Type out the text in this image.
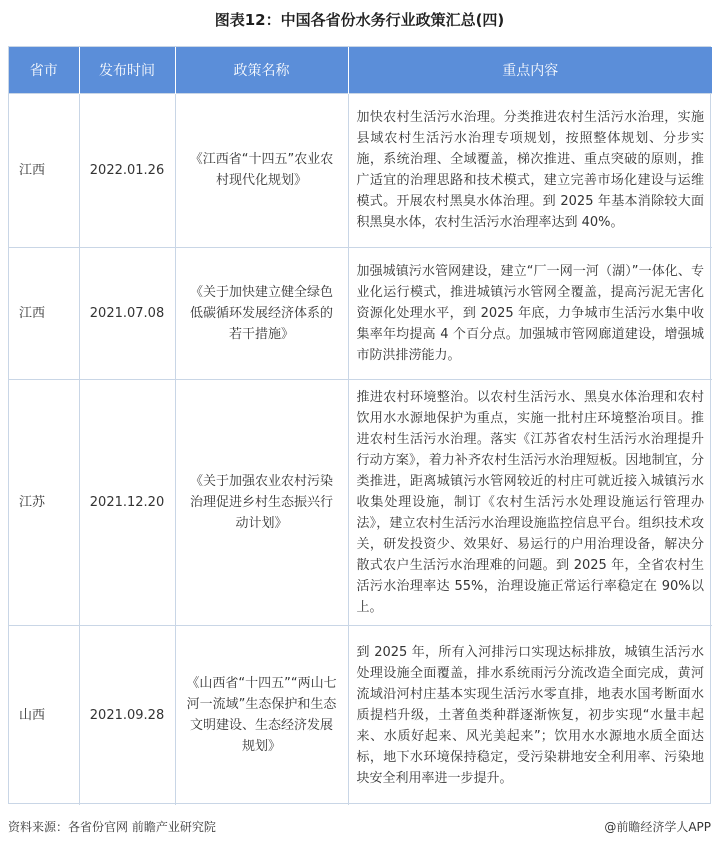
图表12：中国各省份水务行业政策汇总(四)
省市	发布时间	政策名称	重点内容
江西	2022.01.26	《江西省“十四五”农业农村现代化规划》	加快农村生活污水治理。分类推进农村生活污水治理，实施县域农村生活污水治理专项规划，按照整体规划、分步实施，系统治理、全域覆盖，梯次推进、重点突破的原则，推广适宜的治理思路和技术模式，建立完善市场化建设与运维模式。开展农村黑臭水体治理。到 2025 年基本消除较大面积黑臭水体，农村生活污水治理率达到 40%。
江西	2021.07.08	《关于加快建立健全绿色低碳循环发展经济体系的若干措施》	加强城镇污水管网建设，建立“厂一网一河（湖）”一体化、专业化运行模式，推进城镇污水管网全覆盖，提高污泥无害化资源化处理水平，到 2025 年底，力争城市生活污水集中收集率年均提高 4 个百分点。加强城市管网廊道建设，增强城市防洪排涝能力。
江苏	2021.12.20	《关于加强农业农村污染治理促进乡村生态振兴行动计划》	推进农村环境整治。以农村生活污水、黑臭水体治理和农村饮用水水源地保护为重点，实施一批村庄环境整治项目。推进农村生活污水治理。落实《江苏省农村生活污水治理提升行动方案》，着力补齐农村生活污水治理短板。因地制宜，分类推进，距离城镇污水管网较近的村庄可就近接入城镇污水收集处理设施，制订《农村生活污水处理设施运行管理办法》，建立农村生活污水治理设施监控信息平台。组织技术攻关，研发投资少、效果好、易运行的户用治理设备，解决分散式农户生活污水治理难的问题。到 2025 年，全省农村生活污水治理率达 55%，治理设施正常运行率稳定在 90%以上。
山西	2021.09.28	《山西省“十四五”“两山七河一流域”生态保护和生态文明建设、生态经济发展规划》	到 2025 年，所有入河排污口实现达标排放，城镇生活污水处理设施全面覆盖，排水系统雨污分流改造全面完成，黄河流域沿河村庄基本实现生活污水零直排，地表水国考断面水质提档升级，土著鱼类种群逐渐恢复，初步实现“水量丰起来、水质好起来、风光美起来”；饮用水水源地水质全面达标，地下水环境保持稳定，受污染耕地安全利用率、污染地块安全利用率进一步提升。
资料来源：各省份官网 前瞻产业研究院	@前瞻经济学人APP
